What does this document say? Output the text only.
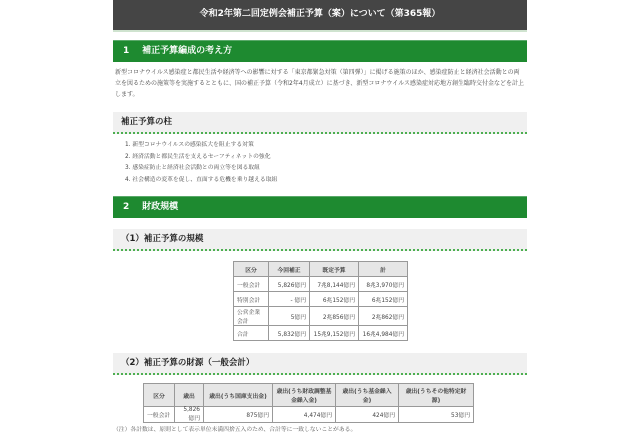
令和2年第二回定例会補正予算（案）について（第365報）
1 補正予算編成の考え方
新型コロナウイルス感染症と都民生活や経済等への影響に対する「東京都緊急対策（第四弾）」に掲げる施策のほか、感染症防止と経済社会活動との両立を図るための施策等を実施するとともに、国の補正予算（令和2年4月成立）に基づき、新型コロナウイルス感染症対応地方創生臨時交付金などを計上します。
補正予算の柱
1. 新型コロナウイルスの感染拡大を阻止する対策
2. 経済活動と都民生活を支えるセーフティネットの強化
3. 感染症防止と経済社会活動との両立等を図る取組
4. 社会構造の変革を促し、直面する危機を乗り越える取組
2 財政規模
（1）補正予算の規模
区分	今回補正	既定予算	計
一般会計	5,826億円	7兆8,144億円	8兆3,970億円
特別会計	- 億円	6兆152億円	6兆152億円
公営企業会計	5億円	2兆856億円	2兆862億円
合計	5,832億円	15兆9,152億円	16兆4,984億円
（2）補正予算の財源（一般会計）
区分	歳出	歳出(うち国庫支出金)	歳出(うち財政調整基金繰入金)	歳出(うち基金繰入金)	歳出(うちその他特定財源)
一般会計	5,826億円	875億円	4,474億円	424億円	53億円
（注）各計数は、原則として表示単位未満四捨五入のため、合計等に一致しないことがある。
